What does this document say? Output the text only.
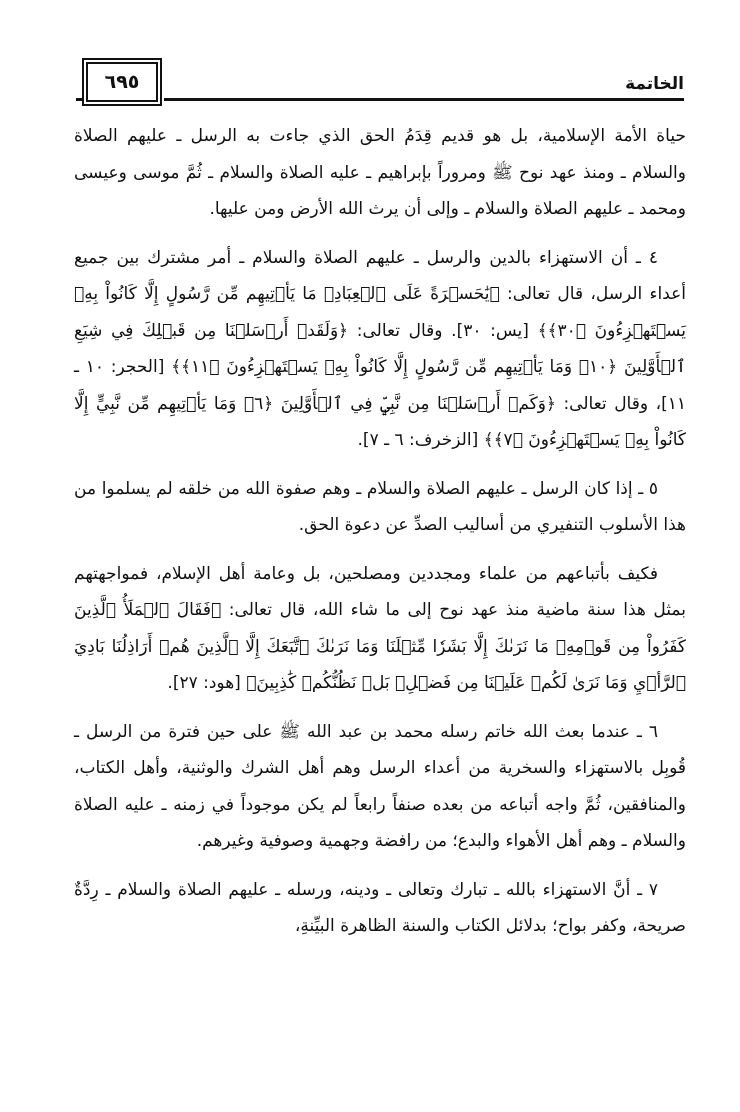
الخاتمة
٦٩٥

حياة الأمة الإسلامية، بل هو قديم قِدَمُ الحق الذي جاءت به الرسل ـ عليهم الصلاة والسلام ـ ومنذ عهد نوح ﷺ ومروراً بإبراهيم ـ عليه الصلاة والسلام ـ ثُمَّ موسى وعيسى ومحمد ـ عليهم الصلاة والسلام ـ وإلى أن يرث الله الأرض ومن عليها.

٤ ـ أن الاستهزاء بالدين والرسل ـ عليهم الصلاة والسلام ـ أمر مشترك بين جميع أعداء الرسل، قال تعالى: ﴿يَٰحَسۡرَةً عَلَى ٱلۡعِبَادِۚ مَا يَأۡتِيهِم مِّن رَّسُولٍ إِلَّا كَانُواْ بِهِۦ يَسۡتَهۡزِءُونَ ﴿٣٠﴾﴾ [يس: ٣٠]. وقال تعالى: ﴿وَلَقَدۡ أَرۡسَلۡنَا مِن قَبۡلِكَ فِي شِيَعِ ٱلۡأَوَّلِينَ ﴿١٠﴾ وَمَا يَأۡتِيهِم مِّن رَّسُولٍ إِلَّا كَانُواْ بِهِۦ يَسۡتَهۡزِءُونَ ﴿١١﴾﴾ [الحجر: ١٠ ـ ١١]، وقال تعالى: ﴿وَكَمۡ أَرۡسَلۡنَا مِن نَّبِيّٖ فِي ٱلۡأَوَّلِينَ ﴿٦﴾ وَمَا يَأۡتِيهِم مِّن نَّبِيٍّ إِلَّا كَانُواْ بِهِۦ يَسۡتَهۡزِءُونَ ﴿٧﴾﴾ [الزخرف: ٦ ـ ٧].

٥ ـ إذا كان الرسل ـ عليهم الصلاة والسلام ـ وهم صفوة الله من خلقه لم يسلموا من هذا الأسلوب التنفيري من أساليب الصدِّ عن دعوة الحق.

فكيف بأتباعهم من علماء ومجددين ومصلحين، بل وعامة أهل الإسلام، فمواجهتهم بمثل هذا سنة ماضية منذ عهد نوح إلى ما شاء الله، قال تعالى: ﴿فَقَالَ ٱلۡمَلَأُ ٱلَّذِينَ كَفَرُواْ مِن قَوۡمِهِۦ مَا نَرَىٰكَ إِلَّا بَشَرٗا مِّثۡلَنَا وَمَا نَرَىٰكَ ٱتَّبَعَكَ إِلَّا ٱلَّذِينَ هُمۡ أَرَاذِلُنَا بَادِيَ ٱلرَّأۡيِ وَمَا نَرَىٰ لَكُمۡ عَلَيۡنَا مِن فَضۡلِۭ بَلۡ نَظُنُّكُمۡ كَٰذِبِينَ﴾ [هود: ٢٧].

٦ ـ عندما بعث الله خاتم رسله محمد بن عبد الله ﷺ على حين فترة من الرسل ـ قُوبِل بالاستهزاء والسخرية من أعداء الرسل وهم أهل الشرك والوثنية، وأهل الكتاب، والمنافقين، ثُمَّ واجه أتباعه من بعده صنفاً رابعاً لم يكن موجوداً في زمنه ـ عليه الصلاة والسلام ـ وهم أهل الأهواء والبدع؛ من رافضة وجهمية وصوفية وغيرهم.

٧ ـ أنَّ الاستهزاء بالله ـ تبارك وتعالى ـ ودينه، ورسله ـ عليهم الصلاة والسلام ـ رِدَّةٌ صريحة، وكفر بواح؛ بدلائل الكتاب والسنة الظاهرة البيِّنةِ،
